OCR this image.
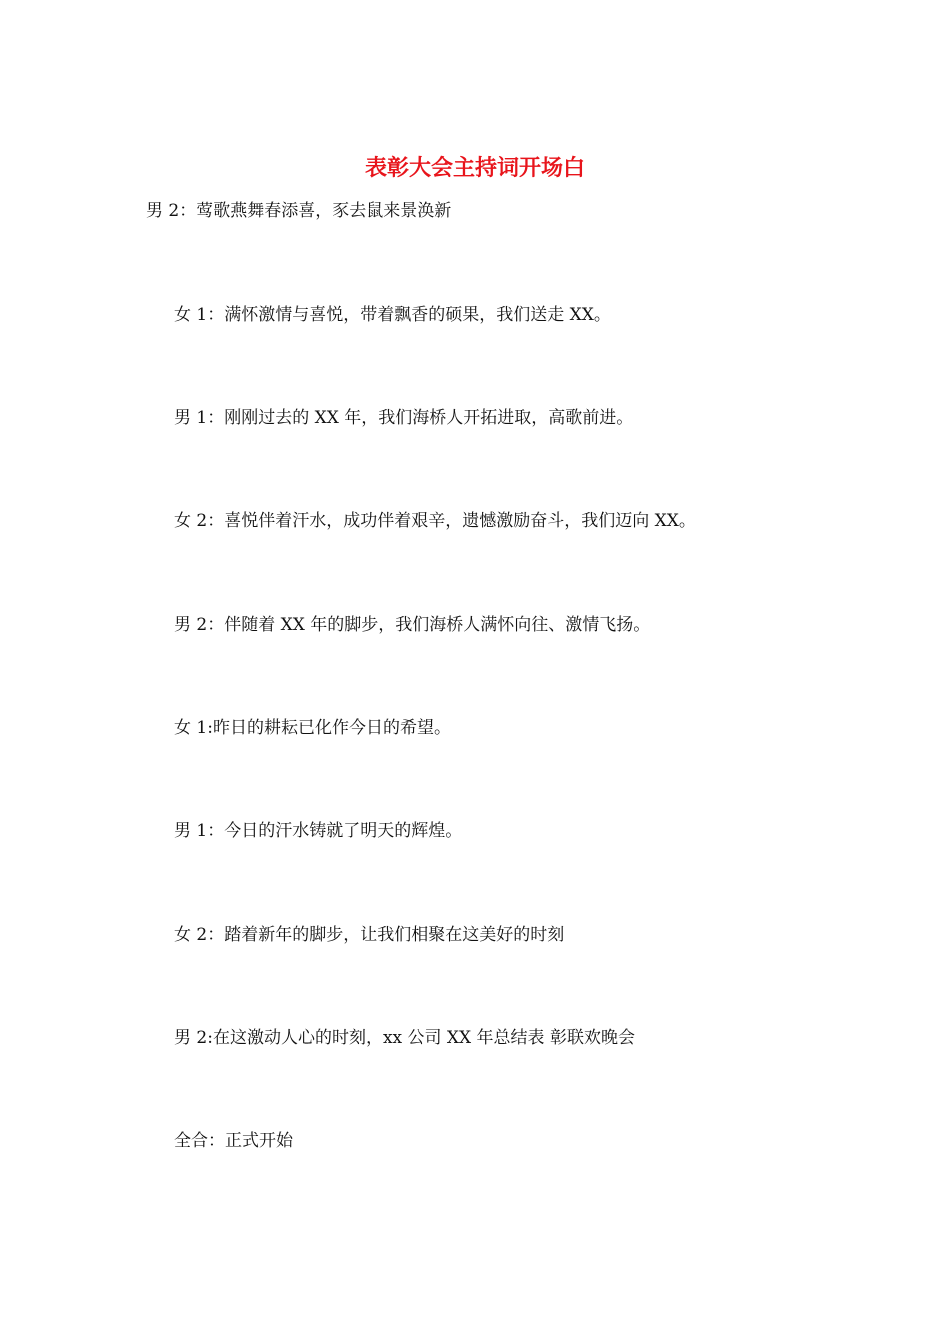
表彰大会主持词开场白

男 2：莺歌燕舞春添喜，豕去鼠来景涣新

女 1：满怀激情与喜悦，带着飘香的硕果，我们送走 XX。

男 1：刚刚过去的 XX 年，我们海桥人开拓进取，高歌前进。

女 2：喜悦伴着汗水，成功伴着艰辛，遗憾激励奋斗，我们迈向 XX。

男 2：伴随着 XX 年的脚步，我们海桥人满怀向往、激情飞扬。

女 1:昨日的耕耘已化作今日的希望。

男 1：今日的汗水铸就了明天的辉煌。

女 2：踏着新年的脚步，让我们相聚在这美好的时刻

男 2:在这激动人心的时刻，xx 公司 XX 年总结表 彰联欢晚会

全合：正式开始
